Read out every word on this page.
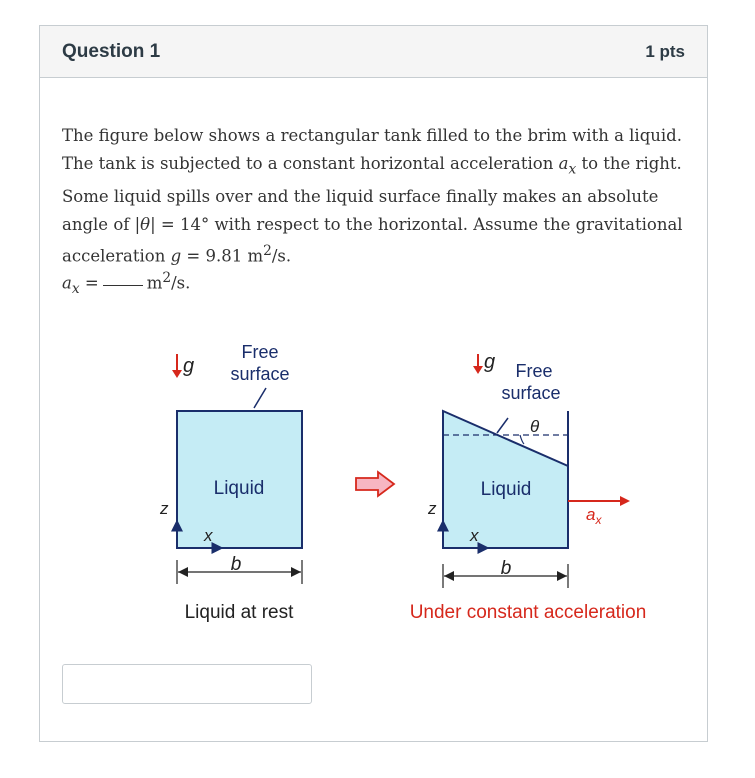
Question 1	1 pts
The figure below shows a rectangular tank filled to the brim with a liquid. The tank is subjected to a constant horizontal acceleration $a_x$ to the right. Some liquid spills over and the liquid surface finally makes an absolute angle of |θ| = 14° with respect to the horizontal. Assume the gravitational acceleration g = 9.81 $m^2/s$.
$a_x$ =	$m^2/s$.
g
Free
surface
Liquid
z
x
b
Liquid at rest
g Free
surface
θ
Liquid
$a_x$
z
x
b
Under constant acceleration
